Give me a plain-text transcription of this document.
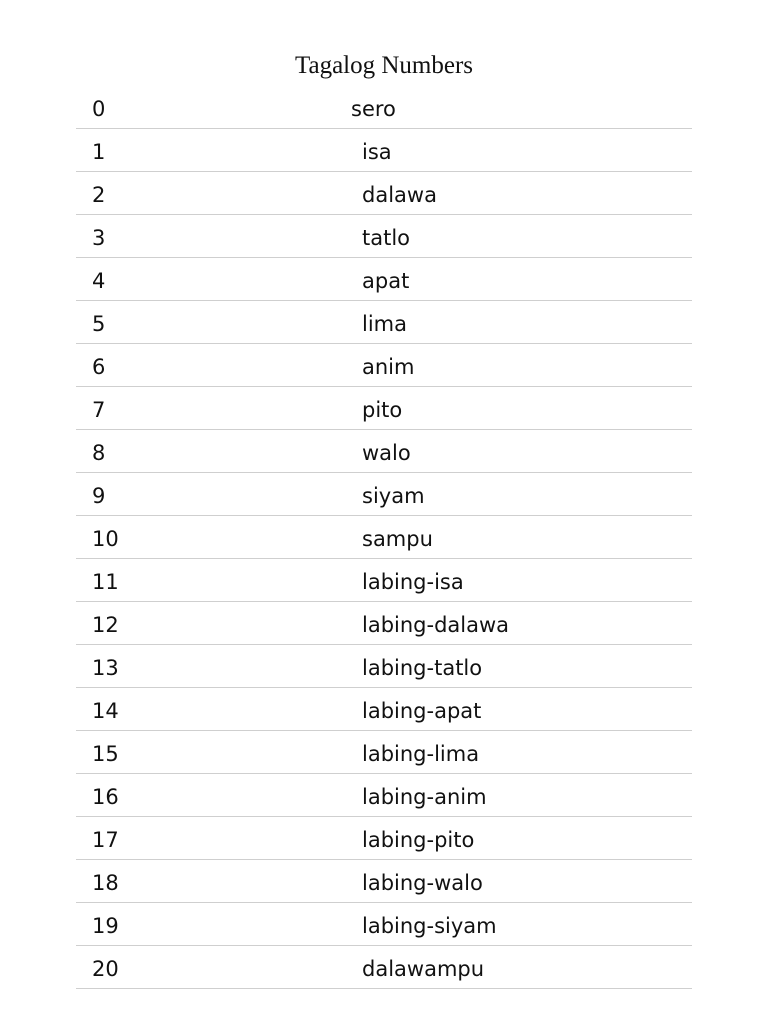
Tagalog Numbers
0	sero
1	isa
2	dalawa
3	tatlo
4	apat
5	lima
6	anim
7	pito
8	walo
9	siyam
10	sampu
11	labing-isa
12	labing-dalawa
13	labing-tatlo
14	labing-apat
15	labing-lima
16	labing-anim
17	labing-pito
18	labing-walo
19	labing-siyam
20	dalawampu
